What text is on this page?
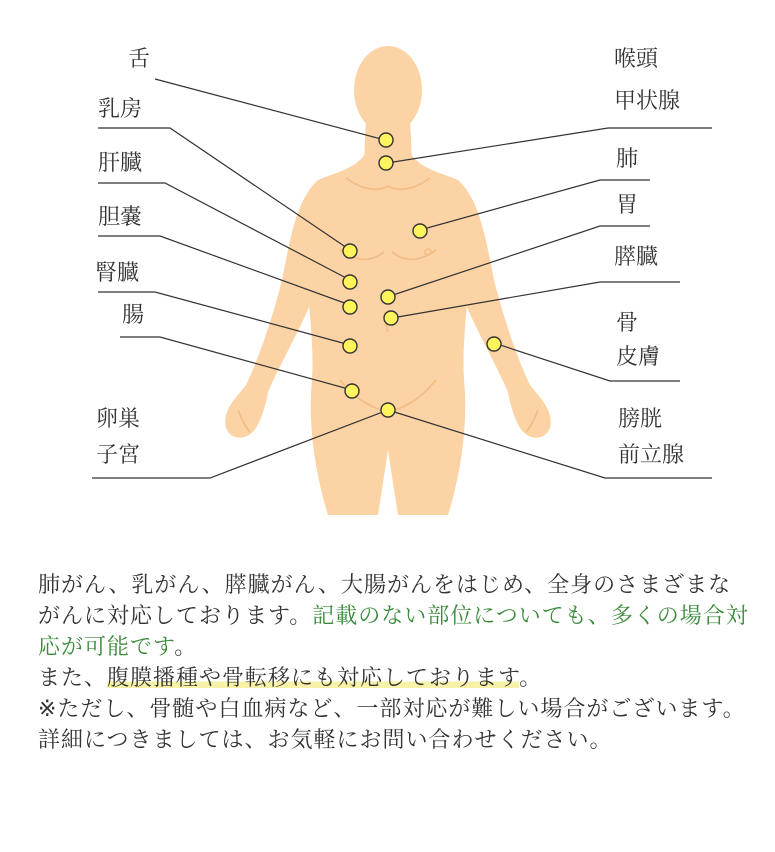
舌
乳房
肝臓
胆嚢
腎臓
腸
卵巣
子宮
喉頭
甲状腺
肺
胃
膵臓
骨
皮膚
膀胱
前立腺

肺がん、乳がん、膵臓がん、大腸がんをはじめ、全身のさまざまながんに対応しております。記載のない部位についても、多くの場合対応が可能です。

また、腹膜播種や骨転移にも対応しております。

※ただし、骨髄や白血病など、一部対応が難しい場合がございます。

詳細につきましては、お気軽にお問い合わせください。
